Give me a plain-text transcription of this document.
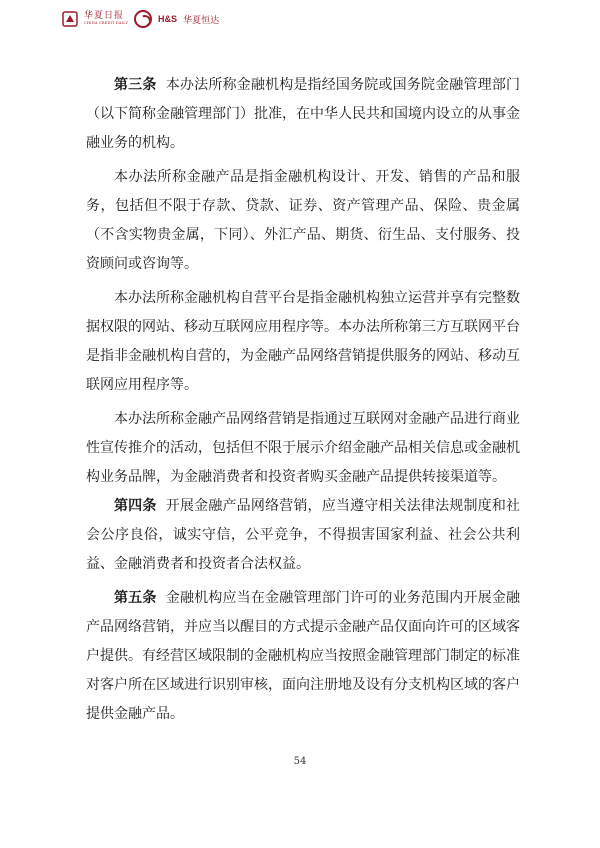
华夏日报
CHINA CREDIT DAILY	H&S 华夏恒达

第三条 本办法所称金融机构是指经国务院或国务院金融管理部门（以下简称金融管理部门）批准，在中华人民共和国境内设立的从事金融业务的机构。

本办法所称金融产品是指金融机构设计、开发、销售的产品和服务，包括但不限于存款、贷款、证券、资产管理产品、保险、贵金属（不含实物贵金属，下同）、外汇产品、期货、衍生品、支付服务、投资顾问或咨询等。

本办法所称金融机构自营平台是指金融机构独立运营并享有完整数据权限的网站、移动互联网应用程序等。本办法所称第三方互联网平台是指非金融机构自营的，为金融产品网络营销提供服务的网站、移动互联网应用程序等。

本办法所称金融产品网络营销是指通过互联网对金融产品进行商业性宣传推介的活动，包括但不限于展示介绍金融产品相关信息或金融机构业务品牌，为金融消费者和投资者购买金融产品提供转接渠道等。

第四条 开展金融产品网络营销，应当遵守相关法律法规制度和社会公序良俗，诚实守信，公平竞争，不得损害国家利益、社会公共利益、金融消费者和投资者合法权益。

第五条 金融机构应当在金融管理部门许可的业务范围内开展金融产品网络营销，并应当以醒目的方式提示金融产品仅面向许可的区域客户提供。有经营区域限制的金融机构应当按照金融管理部门制定的标准对客户所在区域进行识别审核，面向注册地及设有分支机构区域的客户提供金融产品。

54
